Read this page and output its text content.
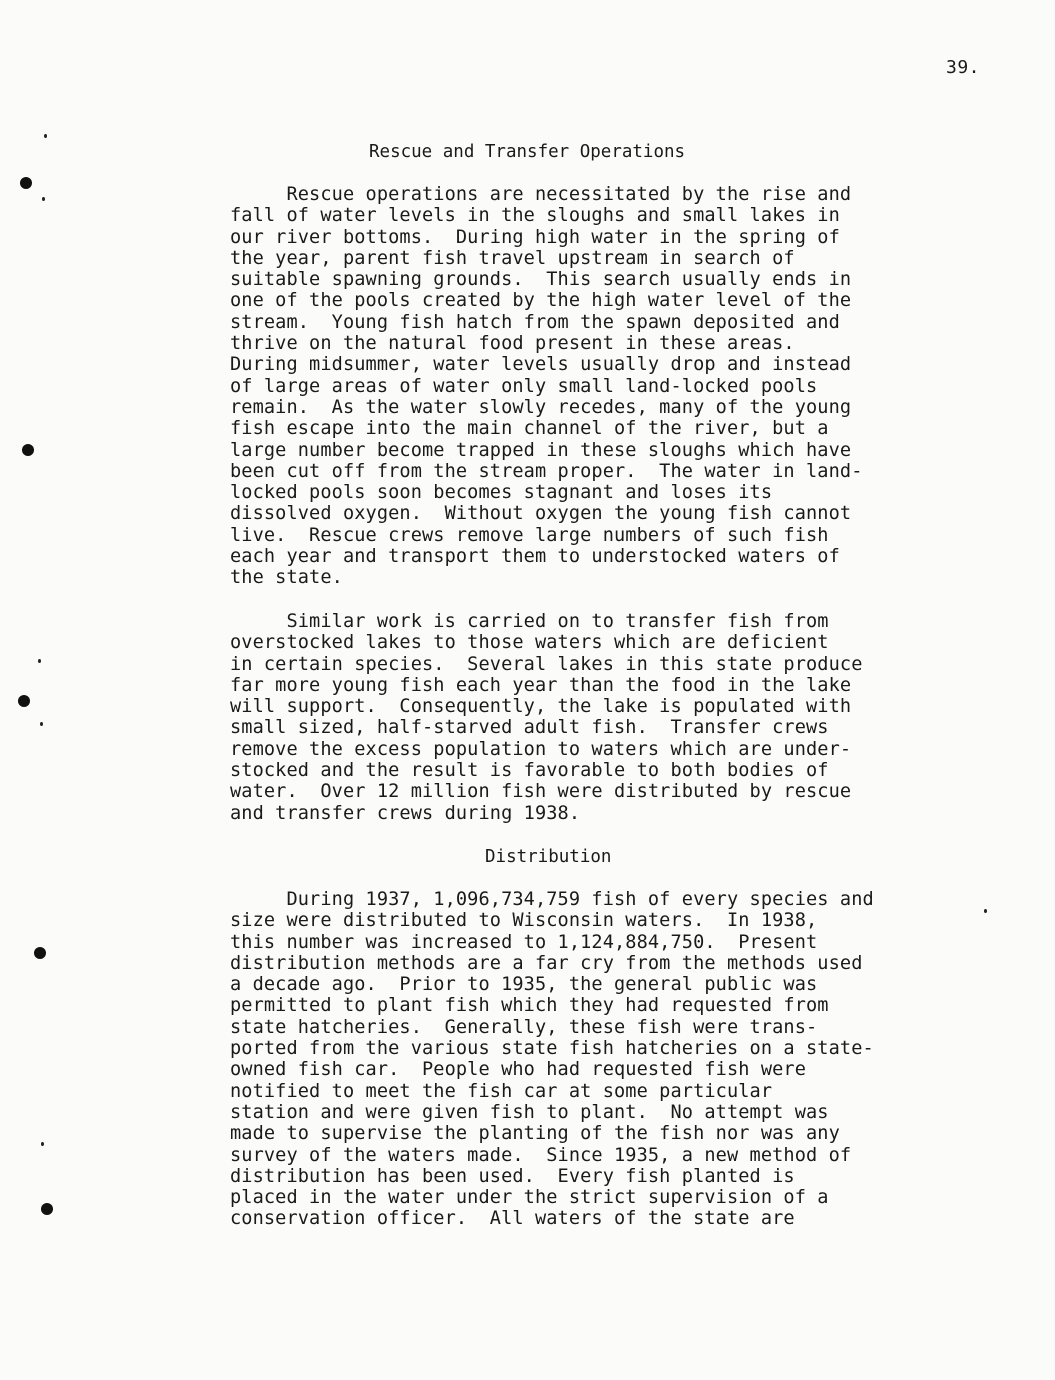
39.
Rescue and Transfer Operations
Rescue operations are necessitated by the rise and
fall of water levels in the sloughs and small lakes in
our river bottoms.  During high water in the spring of
the year, parent fish travel upstream in search of
suitable spawning grounds.  This search usually ends in
one of the pools created by the high water level of the
stream.  Young fish hatch from the spawn deposited and
thrive on the natural food present in these areas.
During midsummer, water levels usually drop and instead
of large areas of water only small land-locked pools
remain.  As the water slowly recedes, many of the young
fish escape into the main channel of the river, but a
large number become trapped in these sloughs which have
been cut off from the stream proper.  The water in land-
locked pools soon becomes stagnant and loses its
dissolved oxygen.  Without oxygen the young fish cannot
live.  Rescue crews remove large numbers of such fish
each year and transport them to understocked waters of
the state.
Similar work is carried on to transfer fish from
overstocked lakes to those waters which are deficient
in certain species.  Several lakes in this state produce
far more young fish each year than the food in the lake
will support.  Consequently, the lake is populated with
small sized, half-starved adult fish.  Transfer crews
remove the excess population to waters which are under-
stocked and the result is favorable to both bodies of
water.  Over 12 million fish were distributed by rescue
and transfer crews during 1938.
Distribution
During 1937, 1,096,734,759 fish of every species and
size were distributed to Wisconsin waters.  In 1938,
this number was increased to 1,124,884,750.  Present
distribution methods are a far cry from the methods used
a decade ago.  Prior to 1935, the general public was
permitted to plant fish which they had requested from
state hatcheries.  Generally, these fish were trans-
ported from the various state fish hatcheries on a state-
owned fish car.  People who had requested fish were
notified to meet the fish car at some particular
station and were given fish to plant.  No attempt was
made to supervise the planting of the fish nor was any
survey of the waters made.  Since 1935, a new method of
distribution has been used.  Every fish planted is
placed in the water under the strict supervision of a
conservation officer.  All waters of the state are
